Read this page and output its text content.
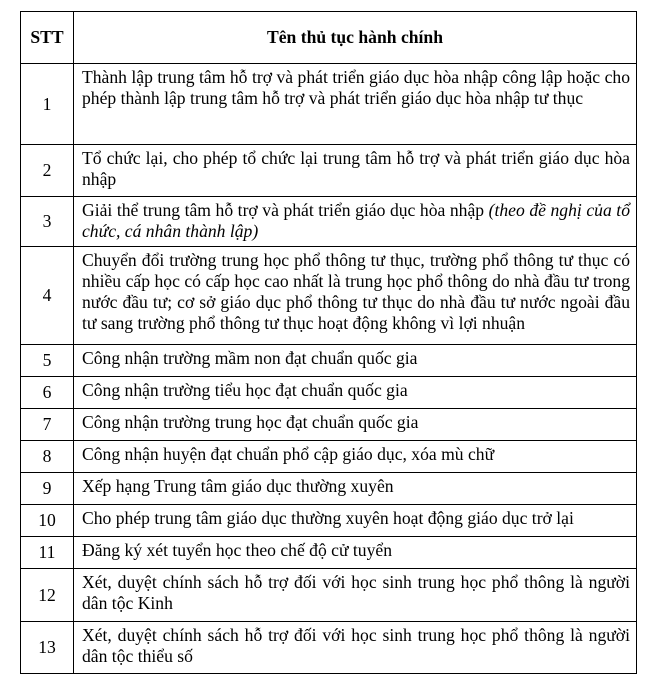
STT	Tên thủ tục hành chính
1	Thành lập trung tâm hỗ trợ và phát triển giáo dục hòa nhập công lập hoặc cho phép thành lập trung tâm hỗ trợ và phát triển giáo dục hòa nhập tư thục
2	Tổ chức lại, cho phép tổ chức lại trung tâm hỗ trợ và phát triển giáo dục hòa nhập
3	Giải thể trung tâm hỗ trợ và phát triển giáo dục hòa nhập (theo đề nghị của tổ chức, cá nhân thành lập)
4	Chuyển đổi trường trung học phổ thông tư thục, trường phổ thông tư thục có nhiều cấp học có cấp học cao nhất là trung học phổ thông do nhà đầu tư trong nước đầu tư; cơ sở giáo dục phổ thông tư thục do nhà đầu tư nước ngoài đầu tư sang trường phổ thông tư thục hoạt động không vì lợi nhuận
5	Công nhận trường mầm non đạt chuẩn quốc gia
6	Công nhận trường tiểu học đạt chuẩn quốc gia
7	Công nhận trường trung học đạt chuẩn quốc gia
8	Công nhận huyện đạt chuẩn phổ cập giáo dục, xóa mù chữ
9	Xếp hạng Trung tâm giáo dục thường xuyên
10	Cho phép trung tâm giáo dục thường xuyên hoạt động giáo dục trở lại
11	Đăng ký xét tuyển học theo chế độ cử tuyển
12	Xét, duyệt chính sách hỗ trợ đối với học sinh trung học phổ thông là người dân tộc Kinh
13	Xét, duyệt chính sách hỗ trợ đối với học sinh trung học phổ thông là người dân tộc thiểu số
